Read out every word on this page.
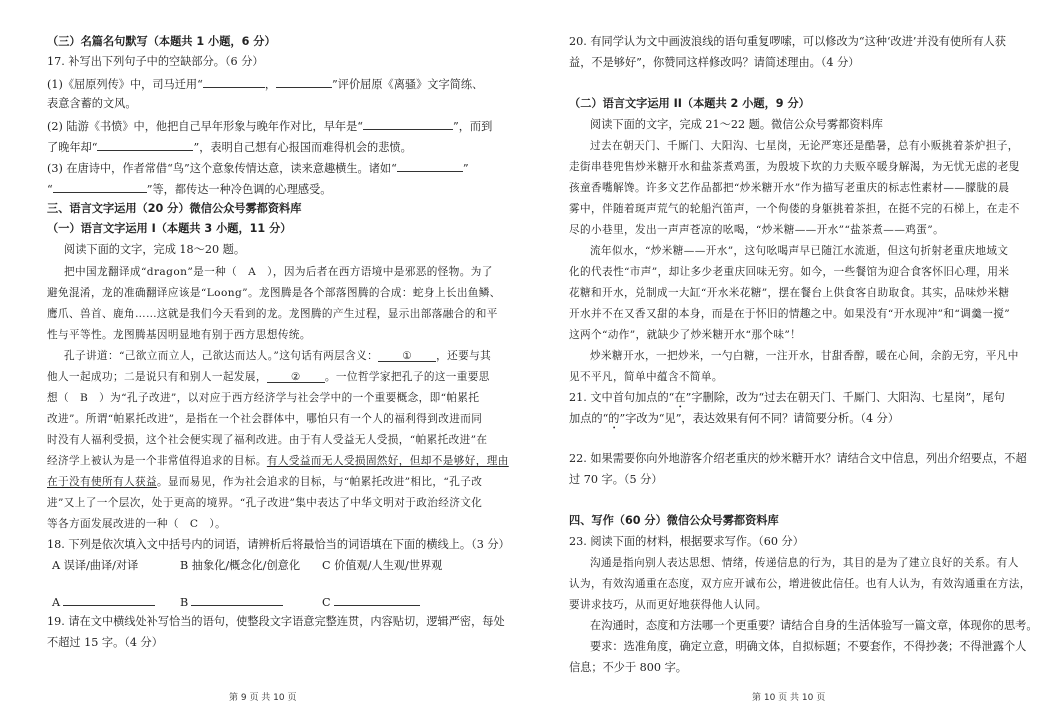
（三）名篇名句默写（本题共 1 小题，6 分）
17. 补写出下列句子中的空缺部分。（6 分）
(1)《屈原列传》中，司马迁用“	，	”评价屈原《离骚》文字简练、
表意含蓄的文风。
(2) 陆游《书愤》中，他把自己早年形象与晚年作对比，早年是“	”，而到
了晚年却“	”，表明自己想有心报国而难得机会的悲愤。
(3) 在唐诗中，作者常借“鸟”这个意象传情达意，读来意趣横生。诸如“	”
“	”等，都传达一种冷色调的心理感受。
三、语言文字运用（20 分）微信公众号雾都资料库
（一）语言文字运用 I（本题共 3 小题，11 分）
阅读下面的文字，完成 18～20 题。
把中国龙翻译成“dragon”是一种（　A　），因为后者在西方语境中是邪恶的怪物。为了
避免混淆，龙的准确翻译应该是“Loong”。龙图腾是各个部落图腾的合成：蛇身上长出鱼鳞、
鹰爪、兽首、鹿角……这就是我们今天看到的龙。龙图腾的产生过程，显示出部落融合的和平
性与平等性。龙图腾基因明显地有别于西方思想传统。
孔子讲道：“己欲立而立人，己欲达而达人。”这句话有两层含义： ① ，还要与其
他人一起成功；二是说只有和别人一起发展， ② 。一位哲学家把孔子的这一重要思
想（　B　）为“孔子改进”，以对应于西方经济学与社会学中的一个重要概念，即“帕累托
改进”。所谓“帕累托改进”，是指在一个社会群体中，哪怕只有一个人的福利得到改进而同
时没有人福利受损，这个社会便实现了福利改进。由于有人受益无人受损，“帕累托改进”在
经济学上被认为是一个非常值得追求的目标。有人受益而无人受损固然好，但却不是够好，理由
在于没有使所有人获益。显而易见，作为社会追求的目标，与“帕累托改进”相比，“孔子改
进”又上了一个层次，处于更高的境界。“孔子改进”集中表达了中华文明对于政治经济文化
等各方面发展改进的一种（　C　）。
18. 下列是依次填入文中括号内的词语，请辨析后将最恰当的词语填在下面的横线上。（3 分）
A 误译/曲译/对译	B 抽象化/概念化/创意化 C 价值观/人生观/世界观
A	B	C
19. 请在文中横线处补写恰当的语句，使整段文字语意完整连贯，内容贴切，逻辑严密，每处
不超过 15 字。（4 分）
第 9 页 共 10 页
20. 有同学认为文中画波浪线的语句重复啰嗦，可以修改为“这种‘改进’并没有使所有人获
益，不是够好”，你赞同这样修改吗？请简述理由。（4 分）
（二）语言文字运用 II（本题共 2 小题，9 分）
阅读下面的文字，完成 21～22 题。微信公众号雾都资料库
过去在朝天门、千厮门、大阳沟、七星岗，无论严寒还是酷暑，总有小贩挑着茶炉担子，
走街串巷兜售炒米糖开水和盐茶煮鸡蛋，为殷坡下坎的力夫贩卒暖身解渴，为无忧无虑的老叟
孩童香嘴解馋。许多文艺作品都把“炒米糖开水”作为描写老重庆的标志性素材——朦胧的晨
雾中，伴随着斑声荒气的轮船汽笛声，一个佝偻的身躯挑着茶担，在挺不完的石梯上，在走不
尽的小巷里，发出一声声苍凉的吆喝，“炒米糖——开水”“盐茶煮——鸡蛋”。
流年似水，“炒米糖——开水”，这句吆喝声早已随江水流逝，但这句折射老重庆地域文
化的代表性“市声”，却让多少老重庆回味无穷。如今，一些餐馆为迎合食客怀旧心理，用米
花糖和开水，兑制成一大缸“开水米花糖”，摆在餐台上供食客自助取食。其实，品味炒米糖
开水并不在又香又甜的本身，而是在于怀旧的情趣之中。如果没有“开水现冲”和“调羹一搅”
这两个“动作”，就缺少了炒米糖开水“那个味”！
炒米糖开水，一把炒米，一勺白糖，一注开水，甘甜香醇，暖在心间，余韵无穷，平凡中
见不平凡，简单中蕴含不简单。
21. 文中首句加点的“在”字删除，改为“过去在朝天门、千厮门、大阳沟、七星岗”，尾句
加点的“的”字改为“见”，表达效果有何不同？请简要分析。（4 分）
22. 如果需要你向外地游客介绍老重庆的炒米糖开水？请结合文中信息，列出介绍要点，不超
过 70 字。（5 分）
四、写作（60 分）微信公众号雾都资料库
23. 阅读下面的材料，根据要求写作。（60 分）
沟通是指向别人表达思想、情绪，传递信息的行为，其目的是为了建立良好的关系。有人
认为，有效沟通重在态度，双方应开诚布公，增进彼此信任。也有人认为，有效沟通重在方法，
要讲求技巧，从而更好地获得他人认同。
在沟通时，态度和方法哪一个更重要？请结合自身的生活体验写一篇文章，体现你的思考。
要求：选准角度，确定立意，明确文体，自拟标题；不要套作，不得抄袭；不得泄露个人
信息；不少于 800 字。
第 10 页 共 10 页
